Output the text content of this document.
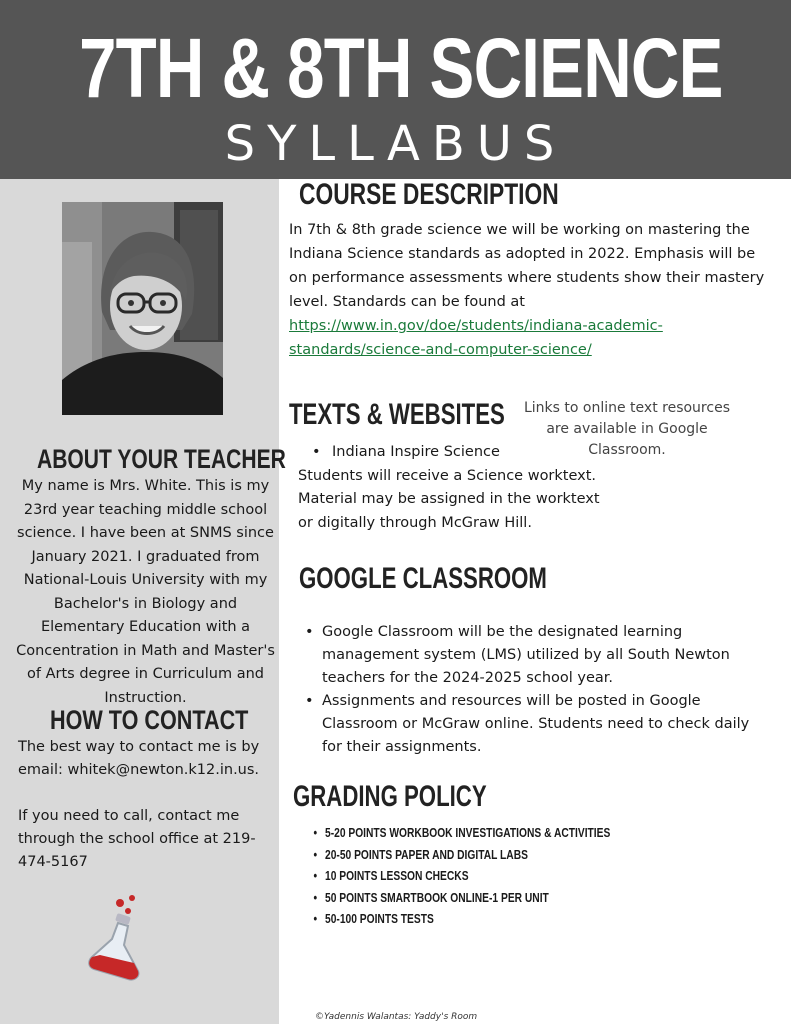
7TH & 8TH SCIENCE
SYLLABUS
ABOUT YOUR TEACHER
My name is Mrs. White. This is my 23rd year teaching middle school science. I have been at SNMS since January 2021. I graduated from National-Louis University with my Bachelor's in Biology and Elementary Education with a Concentration in Math and Master's of Arts degree in Curriculum and Instruction.
HOW TO CONTACT

The best way to contact me is by email: whitek@newton.k12.in.us.

If you need to call, contact me through the school office at 219-474-5167

COURSE DESCRIPTION
In 7th & 8th grade science we will be working on mastering the Indiana Science standards as adopted in 2022. Emphasis will be on performance assessments where students show their mastery level. Standards can be found at https://www.in.gov/doe/students/indiana-academic-standards/science-and-computer-science/
TEXTS & WEBSITES Links to online text resources are available in Google Classroom.
• Indiana Inspire Science
Students will receive a Science worktext. Material may be assigned in the worktext or digitally through McGraw Hill.
GOOGLE CLASSROOM
• Google Classroom will be the designated learning management system (LMS) utilized by all South Newton teachers for the 2024-2025 school year.
• Assignments and resources will be posted in Google Classroom or McGraw online. Students need to check daily for their assignments.
GRADING POLICY
• 5-20 POINTS WORKBOOK INVESTIGATIONS & ACTIVITIES
• 20-50 POINTS PAPER AND DIGITAL LABS
• 10 POINTS LESSON CHECKS
• 50 POINTS SMARTBOOK ONLINE-1 PER UNIT
• 50-100 POINTS TESTS
©Yadennis Walantas: Yaddy's Room
